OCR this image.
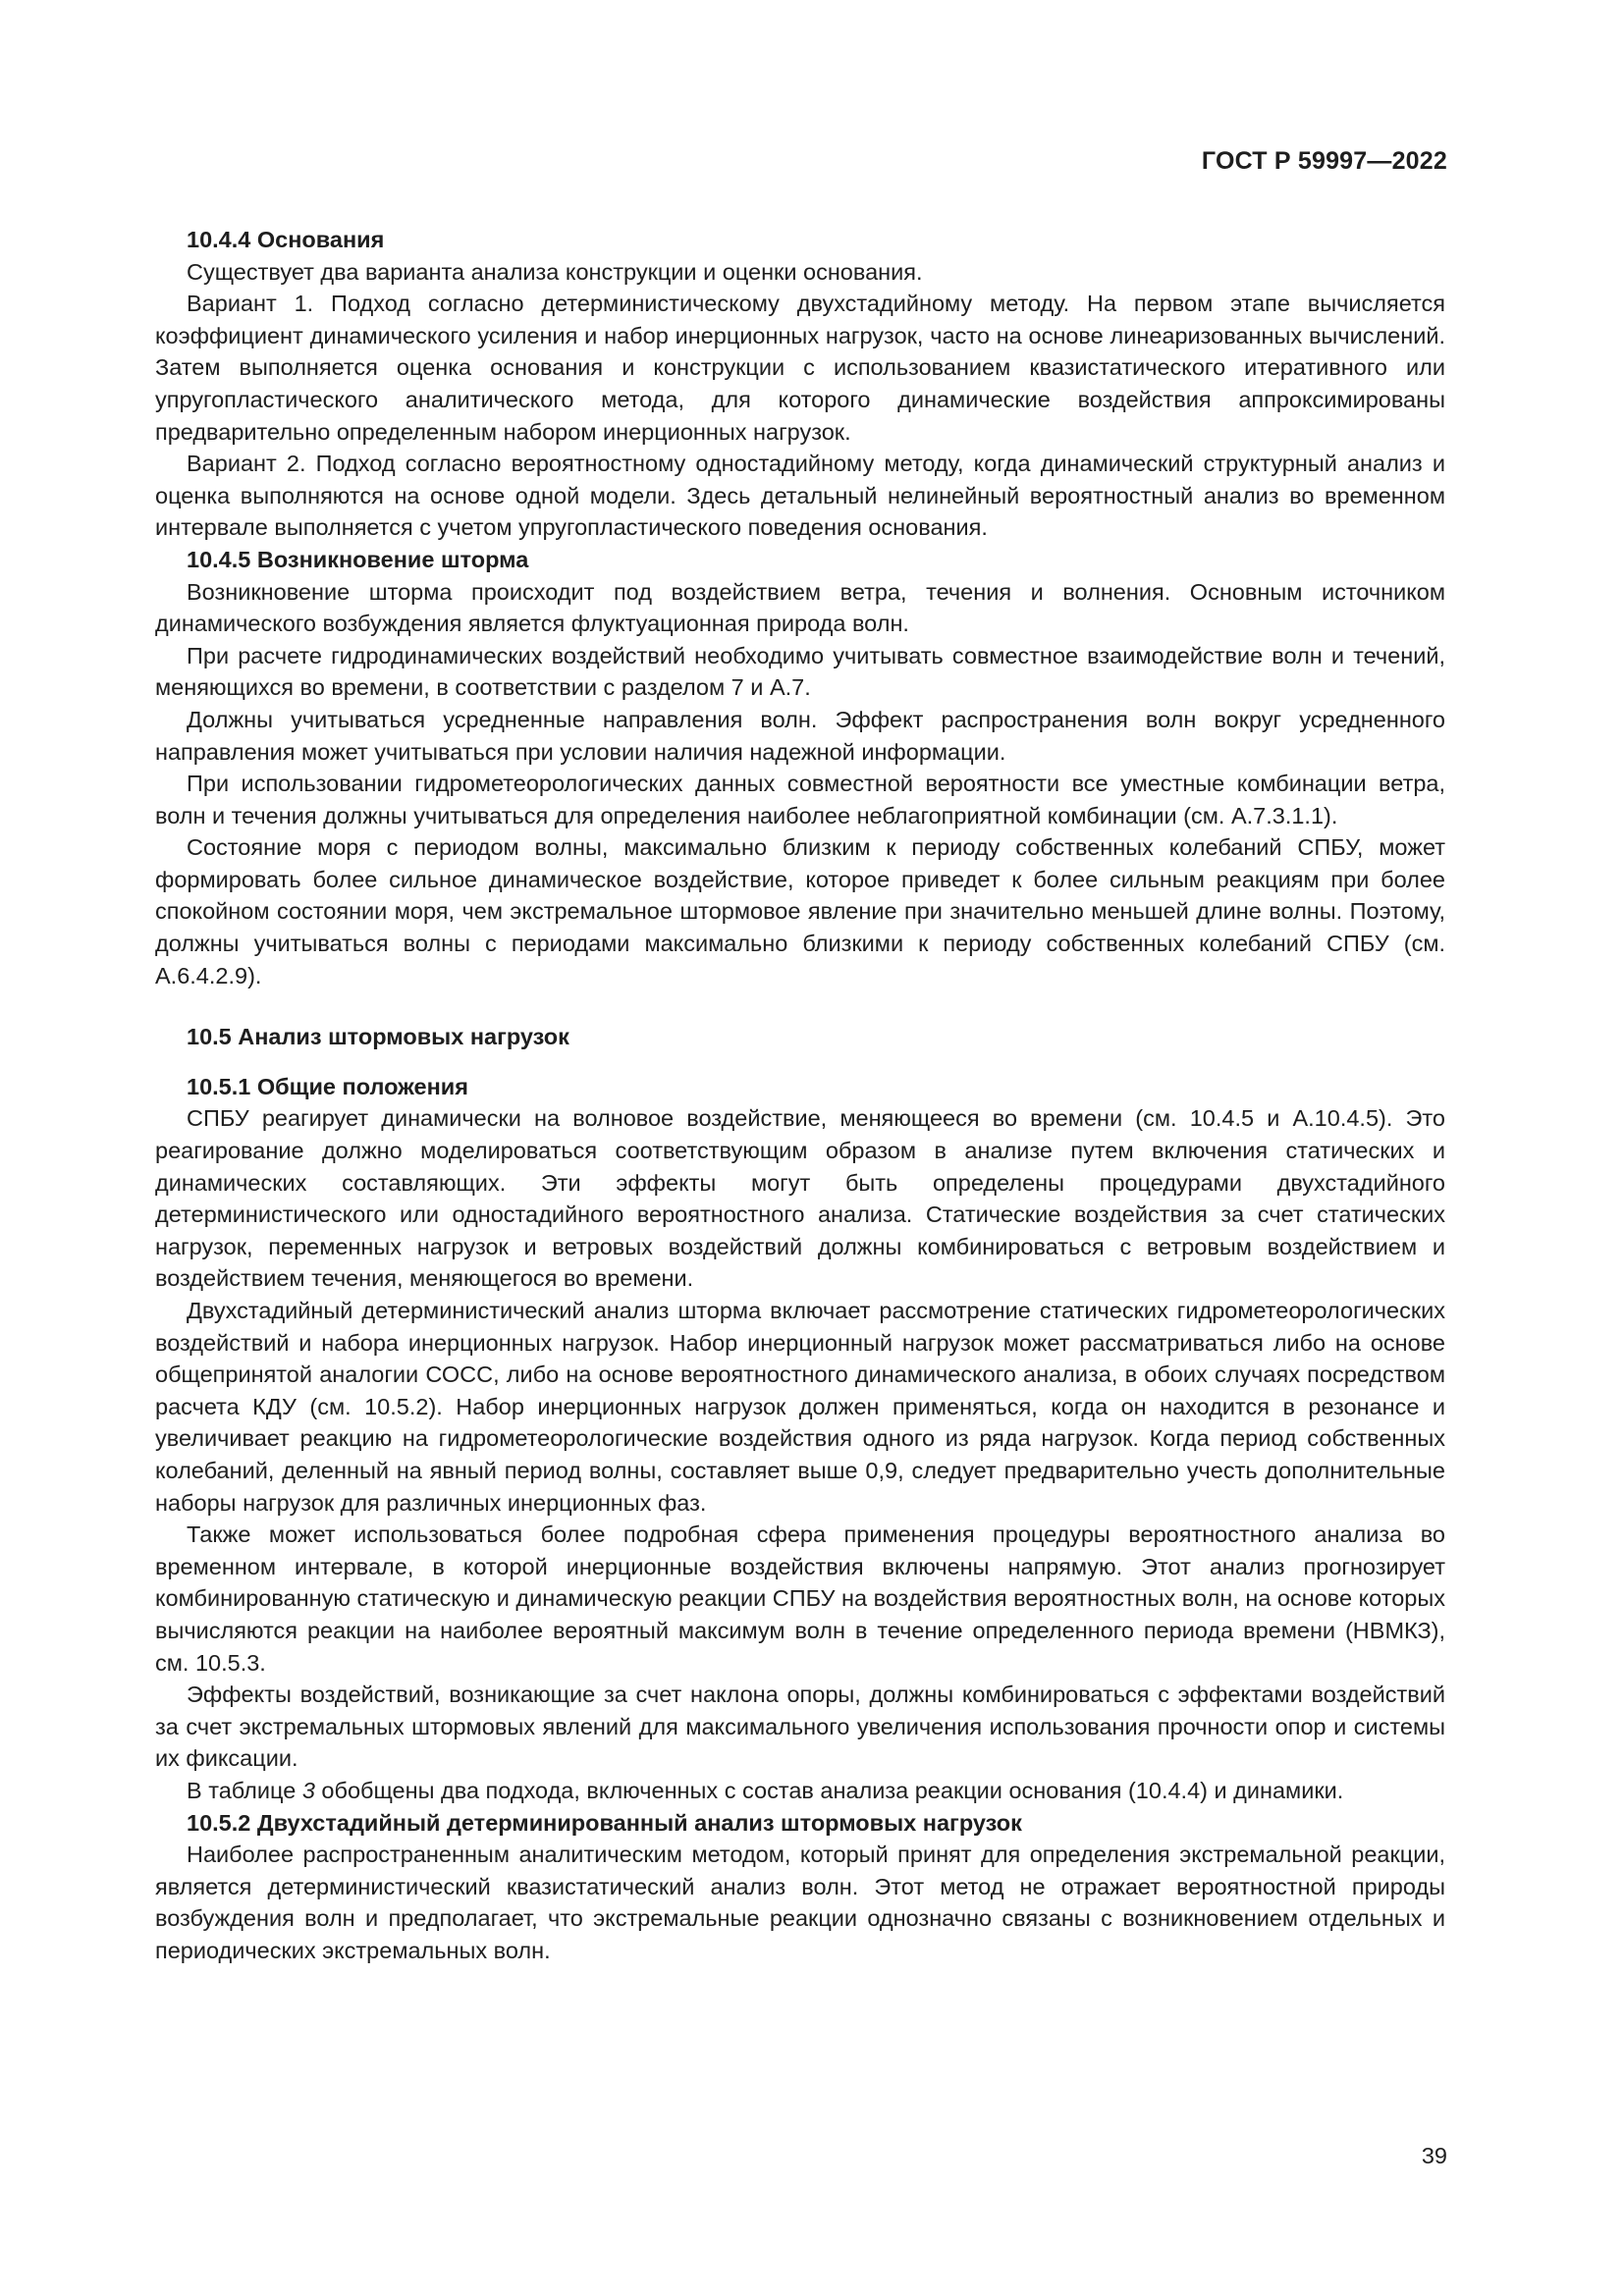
ГОСТ Р 59997—2022
10.4.4 Основания

Существует два варианта анализа конструкции и оценки основания.

Вариант 1. Подход согласно детерминистическому двухстадийному методу. На первом этапе вычисляется коэффициент динамического усиления и набор инерционных нагрузок, часто на основе линеаризованных вычислений. Затем выполняется оценка основания и конструкции с использованием квазистатического итеративного или упругопластического аналитического метода, для которого динамические воздействия аппроксимированы предварительно определенным набором инерционных нагрузок.

Вариант 2. Подход согласно вероятностному одностадийному методу, когда динамический структурный анализ и оценка выполняются на основе одной модели. Здесь детальный нелинейный вероятностный анализ во временном интервале выполняется с учетом упругопластического поведения основания.

10.4.5 Возникновение шторма

Возникновение шторма происходит под воздействием ветра, течения и волнения. Основным источником динамического возбуждения является флуктуационная природа волн.

При расчете гидродинамических воздействий необходимо учитывать совместное взаимодействие волн и течений, меняющихся во времени, в соответствии с разделом 7 и А.7.

Должны учитываться усредненные направления волн. Эффект распространения волн вокруг усредненного направления может учитываться при условии наличия надежной информации.

При использовании гидрометеорологических данных совместной вероятности все уместные комбинации ветра, волн и течения должны учитываться для определения наиболее неблагоприятной комбинации (см. А.7.3.1.1).

Состояние моря с периодом волны, максимально близким к периоду собственных колебаний СПБУ, может формировать более сильное динамическое воздействие, которое приведет к более сильным реакциям при более спокойном состоянии моря, чем экстремальное штормовое явление при значительно меньшей длине волны. Поэтому, должны учитываться волны с периодами максимально близкими к периоду собственных колебаний СПБУ (см. А.6.4.2.9).

10.5 Анализ штормовых нагрузок
10.5.1 Общие положения

СПБУ реагирует динамически на волновое воздействие, меняющееся во времени (см. 10.4.5 и А.10.4.5). Это реагирование должно моделироваться соответствующим образом в анализе путем включения статических и динамических составляющих. Эти эффекты могут быть определены процедурами двухстадийного детерминистического или одностадийного вероятностного анализа. Статические воздействия за счет статических нагрузок, переменных нагрузок и ветровых воздействий должны комбинироваться с ветровым воздействием и воздействием течения, меняющегося во времени.

Двухстадийный детерминистический анализ шторма включает рассмотрение статических гидрометеорологических воздействий и набора инерционных нагрузок. Набор инерционный нагрузок может рассматриваться либо на основе общепринятой аналогии СОСС, либо на основе вероятностного динамического анализа, в обоих случаях посредством расчета КДУ (см. 10.5.2). Набор инерционных нагрузок должен применяться, когда он находится в резонансе и увеличивает реакцию на гидрометеорологические воздействия одного из ряда нагрузок. Когда период собственных колебаний, деленный на явный период волны, составляет выше 0,9, следует предварительно учесть дополнительные наборы нагрузок для различных инерционных фаз.

Также может использоваться более подробная сфера применения процедуры вероятностного анализа во временном интервале, в которой инерционные воздействия включены напрямую. Этот анализ прогнозирует комбинированную статическую и динамическую реакции СПБУ на воздействия вероятностных волн, на основе которых вычисляются реакции на наиболее вероятный максимум волн в течение определенного периода времени (НВМКЗ), см. 10.5.3.

Эффекты воздействий, возникающие за счет наклона опоры, должны комбинироваться с эффектами воздействий за счет экстремальных штормовых явлений для максимального увеличения использования прочности опор и системы их фиксации.

В таблице 3 обобщены два подхода, включенных с состав анализа реакции основания (10.4.4) и динамики.

10.5.2 Двухстадийный детерминированный анализ штормовых нагрузок

Наиболее распространенным аналитическим методом, который принят для определения экстремальной реакции, является детерминистический квазистатический анализ волн. Этот метод не отражает вероятностной природы возбуждения волн и предполагает, что экстремальные реакции однозначно связаны с возникновением отдельных и периодических экстремальных волн.

39
